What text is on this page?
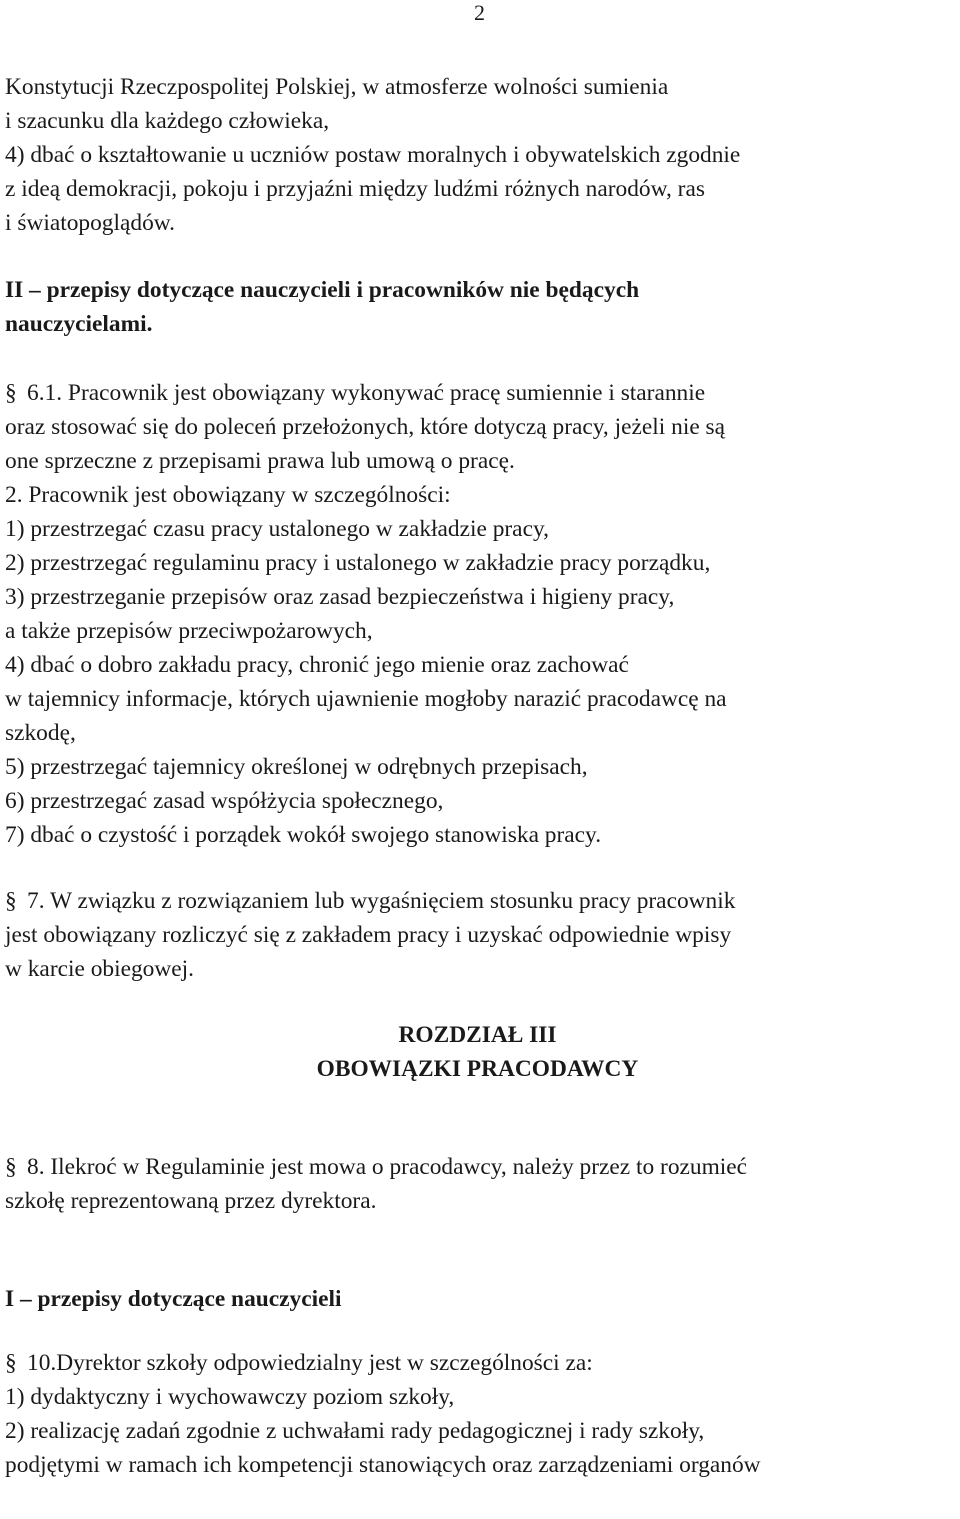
2
Konstytucji Rzeczpospolitej Polskiej, w atmosferze wolności sumienia
i szacunku dla każdego człowieka,
4) dbać o kształtowanie u uczniów postaw moralnych i obywatelskich zgodnie
z ideą demokracji, pokoju i przyjaźni między ludźmi różnych narodów, ras
i światopoglądów.
II – przepisy dotyczące nauczycieli i pracowników nie będących
nauczycielami.
§ 6.1. Pracownik jest obowiązany wykonywać pracę sumiennie i starannie
oraz stosować się do poleceń przełożonych, które dotyczą pracy, jeżeli nie są
one sprzeczne z przepisami prawa lub umową o pracę.
2. Pracownik jest obowiązany w szczególności:
1) przestrzegać czasu pracy ustalonego w zakładzie pracy,
2) przestrzegać regulaminu pracy i ustalonego w zakładzie pracy porządku,
3) przestrzeganie przepisów oraz zasad bezpieczeństwa i higieny pracy,
a także przepisów przeciwpożarowych,
4) dbać o dobro zakładu pracy, chronić jego mienie oraz zachować
w tajemnicy informacje, których ujawnienie mogłoby narazić pracodawcę na
szkodę,
5) przestrzegać tajemnicy określonej w odrębnych przepisach,
6) przestrzegać zasad współżycia społecznego,
7) dbać o czystość i porządek wokół swojego stanowiska pracy.
§ 7. W związku z rozwiązaniem lub wygaśnięciem stosunku pracy pracownik
jest obowiązany rozliczyć się z zakładem pracy i uzyskać odpowiednie wpisy
w karcie obiegowej.
ROZDZIAŁ III
OBOWIĄZKI PRACODAWCY
§ 8. Ilekroć w Regulaminie jest mowa o pracodawcy, należy przez to rozumieć
szkołę reprezentowaną przez dyrektora.
I – przepisy dotyczące nauczycieli
§ 10.Dyrektor szkoły odpowiedzialny jest w szczególności za:
1) dydaktyczny i wychowawczy poziom szkoły,
2) realizację zadań zgodnie z uchwałami rady pedagogicznej i rady szkoły,
podjętymi w ramach ich kompetencji stanowiących oraz zarządzeniami organów
